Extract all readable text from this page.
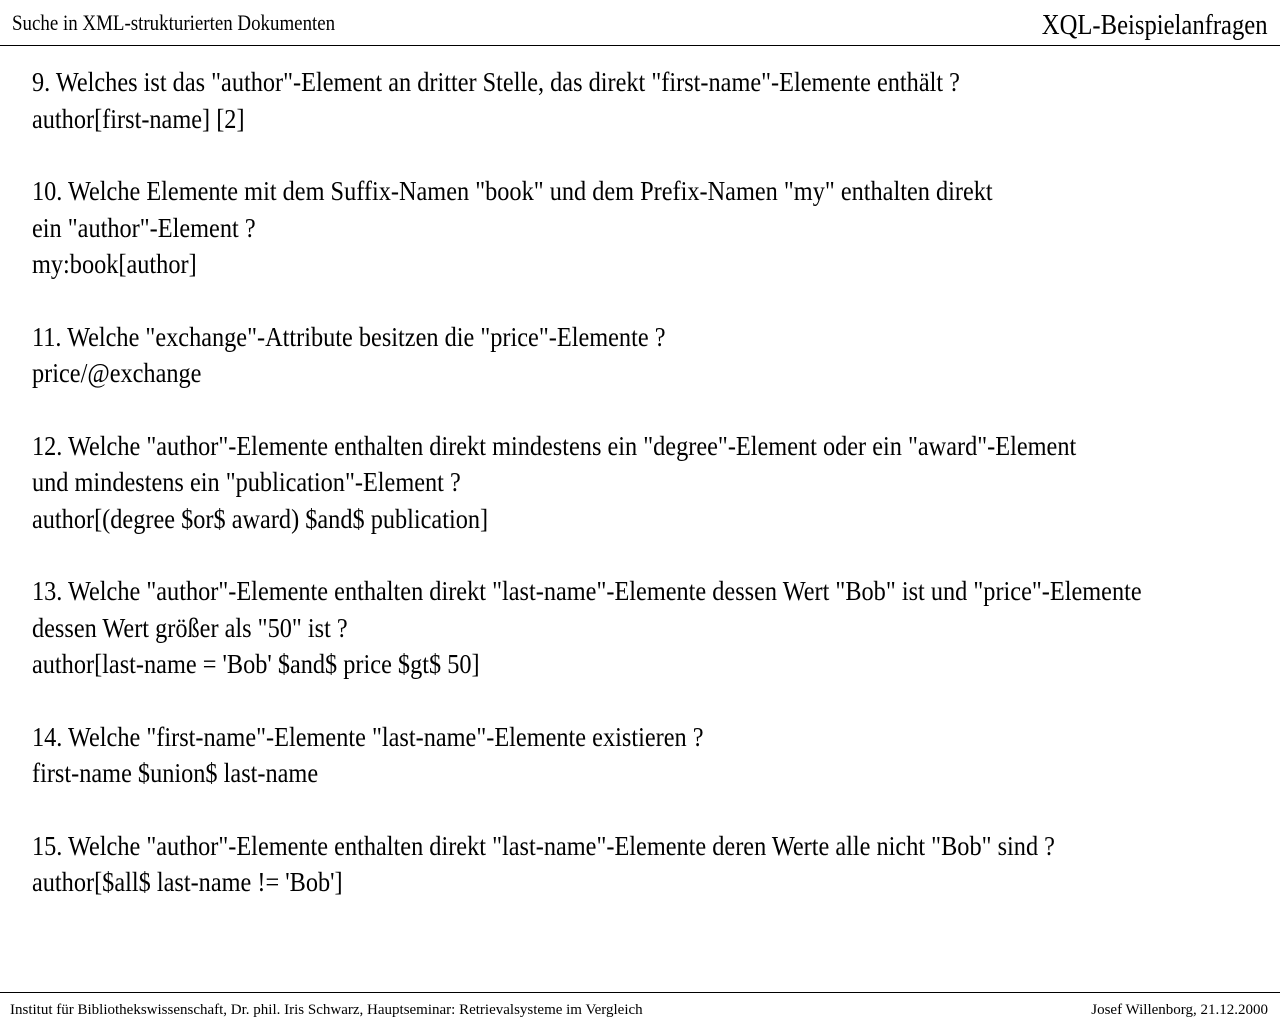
Suche in XML-strukturierten Dokumenten	XQL-Beispielanfragen
9. Welches ist das "author"-Element an dritter Stelle, das direkt "first-name"-Elemente enthält ?
author[first-name] [2]
10. Welche Elemente mit dem Suffix-Namen "book" und dem Prefix-Namen "my" enthalten direkt
ein "author"-Element ?
my:book[author]
11. Welche "exchange"-Attribute besitzen die "price"-Elemente ?
price/@exchange
12. Welche "author"-Elemente enthalten direkt mindestens ein "degree"-Element oder ein "award"-Element
und mindestens ein "publication"-Element ?
author[(degree $or$ award) $and$ publication]
13. Welche "author"-Elemente enthalten direkt "last-name"-Elemente dessen Wert "Bob" ist und "price"-Elemente
dessen Wert größer als "50" ist ?
author[last-name = 'Bob' $and$ price $gt$ 50]
14. Welche "first-name"-Elemente "last-name"-Elemente existieren ?
first-name $union$ last-name
15. Welche "author"-Elemente enthalten direkt "last-name"-Elemente deren Werte alle nicht "Bob" sind ?
author[$all$ last-name != 'Bob']
Institut für Bibliothekswissenschaft, Dr. phil. Iris Schwarz, Hauptseminar: Retrievalsysteme im Vergleich	Josef Willenborg, 21.12.2000
